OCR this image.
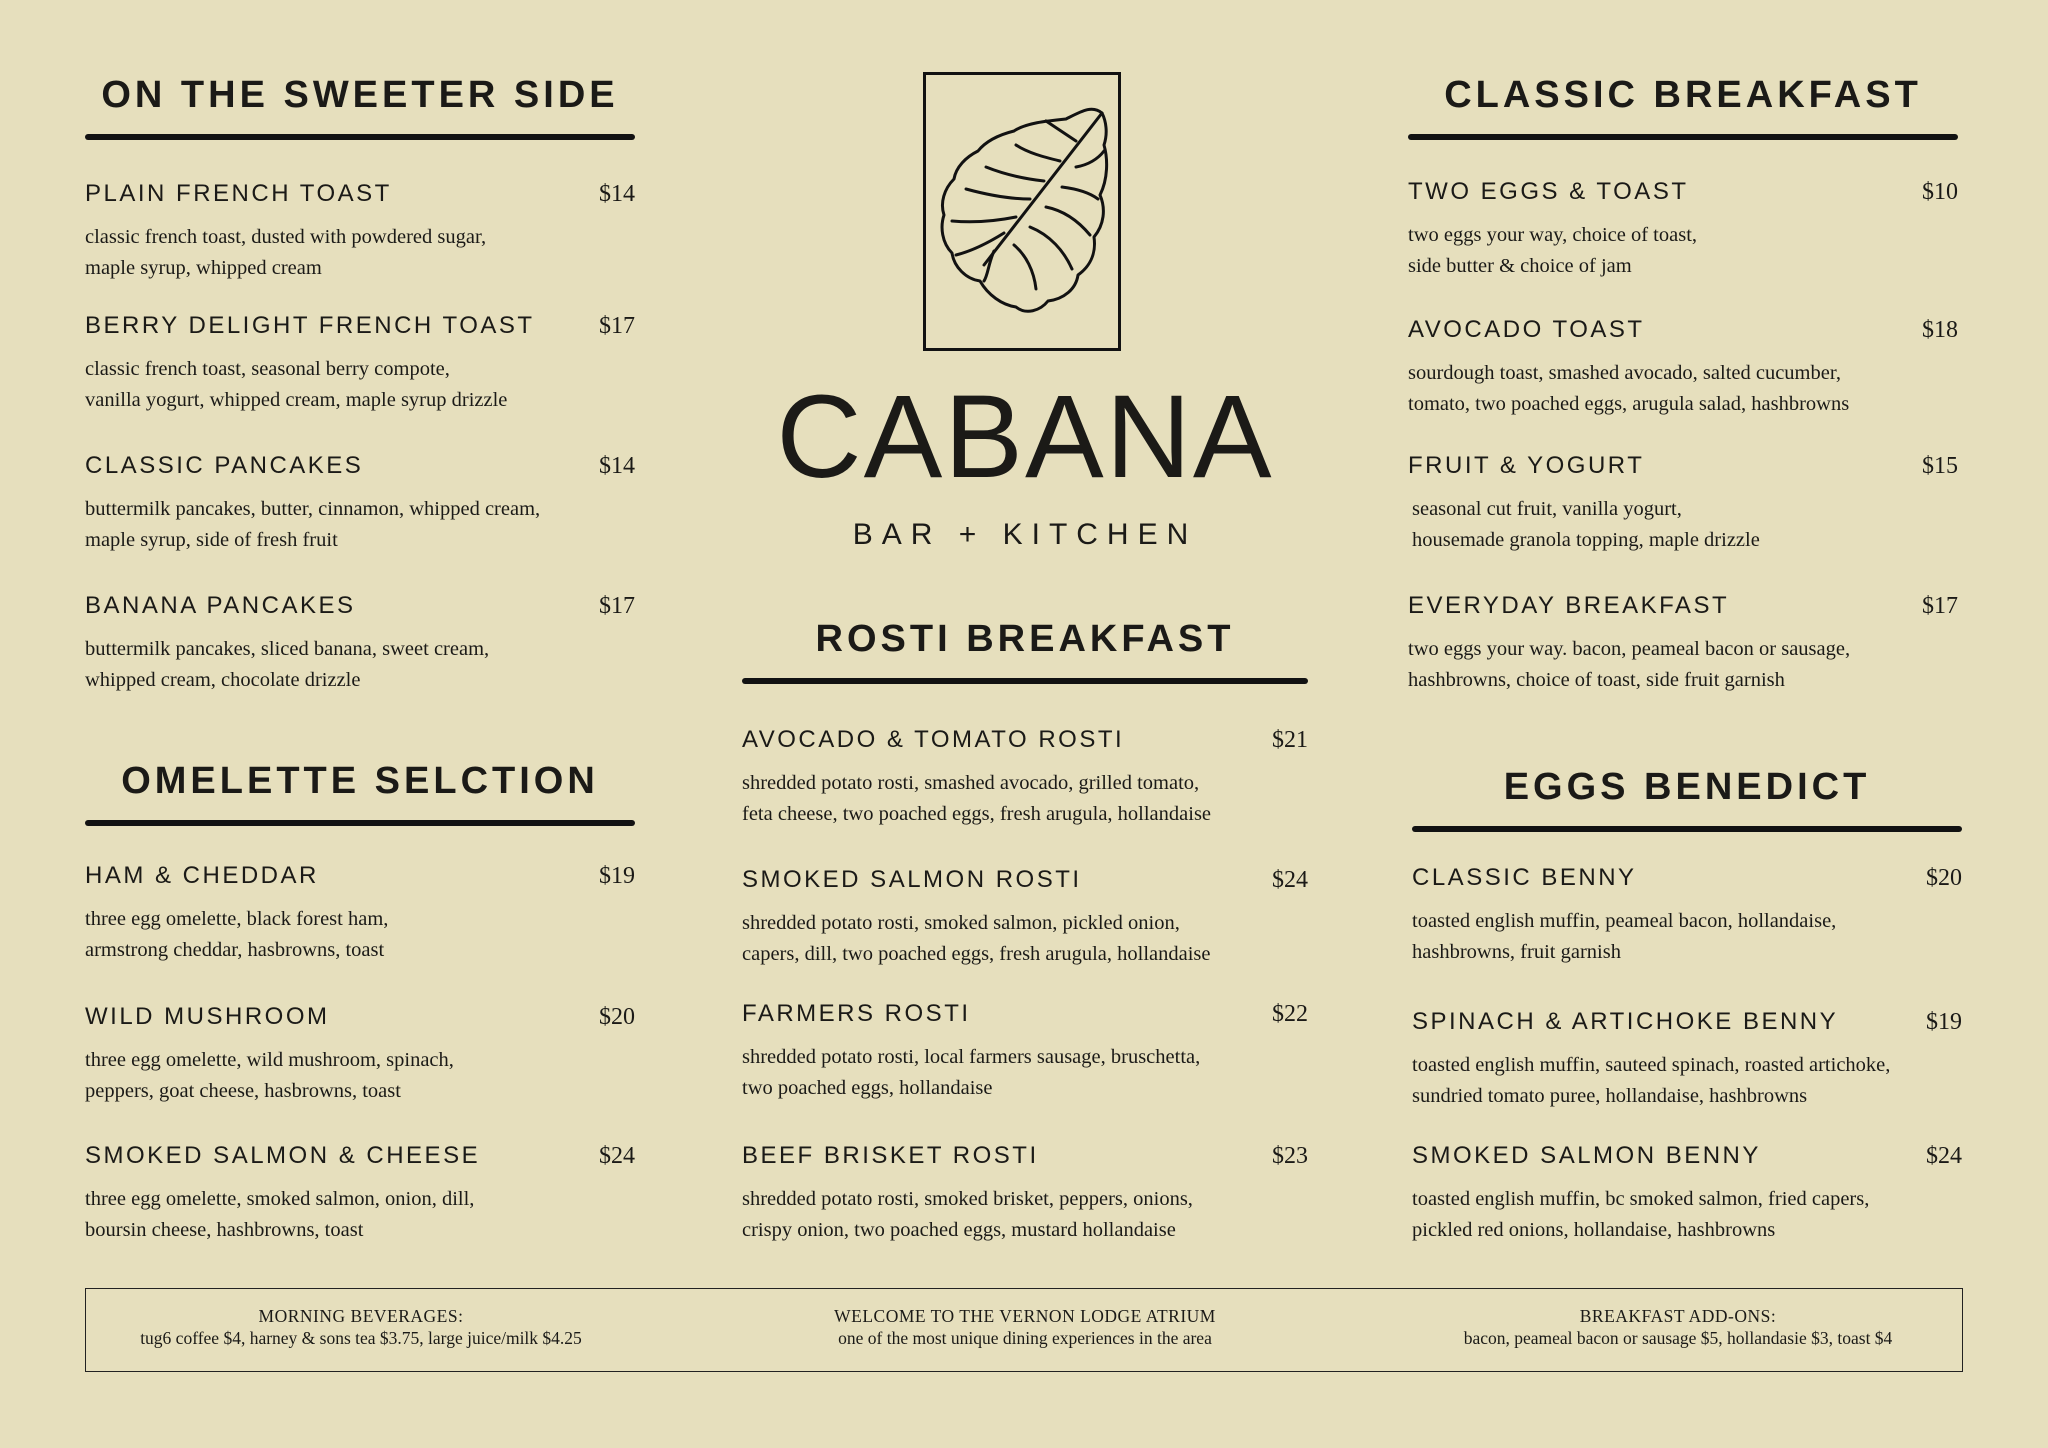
ON THE SWEETER SIDE
PLAIN FRENCH TOAST	$14
classic french toast, dusted with powdered sugar,
maple syrup, whipped cream
BERRY DELIGHT FRENCH TOAST	$17
classic french toast, seasonal berry compote,
vanilla yogurt, whipped cream, maple syrup drizzle
CLASSIC PANCAKES	$14
buttermilk pancakes, butter, cinnamon, whipped cream,
maple syrup, side of fresh fruit
BANANA PANCAKES	$17
buttermilk pancakes, sliced banana, sweet cream,
whipped cream, chocolate drizzle
OMELETTE SELCTION
HAM & CHEDDAR	$19
three egg omelette, black forest ham,
armstrong cheddar, hasbrowns, toast
WILD MUSHROOM	$20
three egg omelette, wild mushroom, spinach,
peppers, goat cheese, hasbrowns, toast
SMOKED SALMON & CHEESE	$24
three egg omelette, smoked salmon, onion, dill,
boursin cheese, hashbrowns, toast
CABANA
BAR + KITCHEN
ROSTI BREAKFAST
AVOCADO & TOMATO ROSTI	$21
shredded potato rosti, smashed avocado, grilled tomato,
feta cheese, two poached eggs, fresh arugula, hollandaise
SMOKED SALMON ROSTI	$24
shredded potato rosti, smoked salmon, pickled onion,
capers, dill, two poached eggs, fresh arugula, hollandaise
FARMERS ROSTI	$22
shredded potato rosti, local farmers sausage, bruschetta,
two poached eggs, hollandaise
BEEF BRISKET ROSTI	$23
shredded potato rosti, smoked brisket, peppers, onions,
crispy onion, two poached eggs, mustard hollandaise
CLASSIC BREAKFAST
TWO EGGS & TOAST	$10
two eggs your way, choice of toast,
side butter & choice of jam
AVOCADO TOAST	$18
sourdough toast, smashed avocado, salted cucumber,
tomato, two poached eggs, arugula salad, hashbrowns
FRUIT & YOGURT	$15
seasonal cut fruit, vanilla yogurt,
housemade granola topping, maple drizzle
EVERYDAY BREAKFAST	$17
two eggs your way. bacon, peameal bacon or sausage,
hashbrowns, choice of toast, side fruit garnish
EGGS BENEDICT
CLASSIC BENNY	$20
toasted english muffin, peameal bacon, hollandaise,
hashbrowns, fruit garnish
SPINACH & ARTICHOKE BENNY	$19
toasted english muffin, sauteed spinach, roasted artichoke,
sundried tomato puree, hollandaise, hashbrowns
SMOKED SALMON BENNY	$24
toasted english muffin, bc smoked salmon, fried capers,
pickled red onions, hollandaise, hashbrowns
MORNING BEVERAGES:
tug6 coffee $4, harney & sons tea $3.75, large juice/milk $4.25
WELCOME TO THE VERNON LODGE ATRIUM
one of the most unique dining experiences in the area
BREAKFAST ADD-ONS:
bacon, peameal bacon or sausage $5, hollandasie $3, toast $4
